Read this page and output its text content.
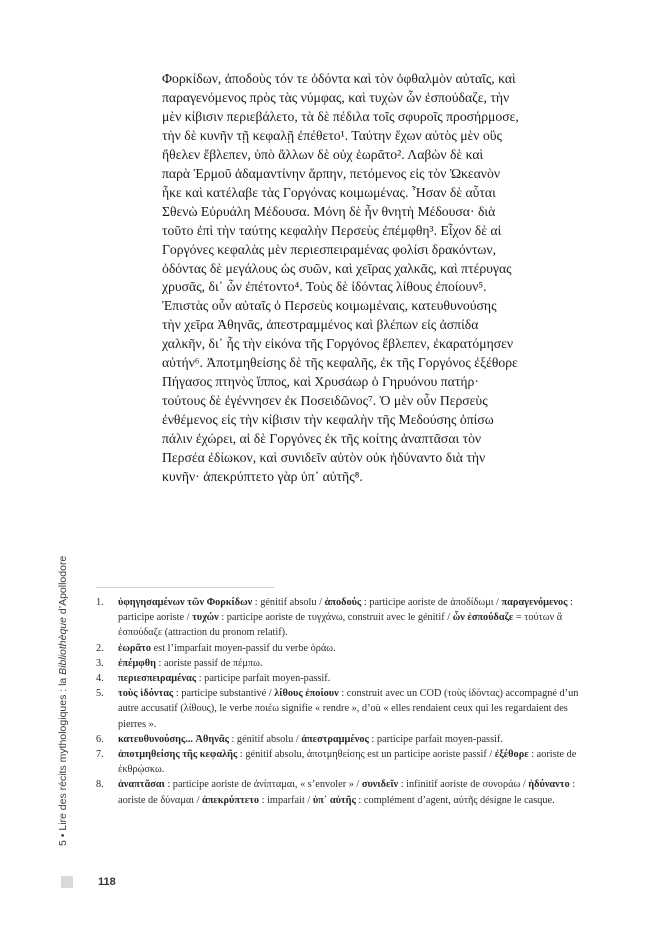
Φορκίδων, ἀποδοὺς τόν τε ὀδόντα καὶ τὸν ὀφθαλμὸν αὐταῖς, καὶ
παραγενόμενος πρὸς τὰς νύμφας, καὶ τυχὼν ὧν ἐσπούδαζε, τὴν
μὲν κίβισιν περιεβάλετο, τὰ δὲ πέδιλα τοῖς σφυροῖς προσήρμοσε,
τὴν δὲ κυνῆν τῇ κεφαλῇ ἐπέθετο¹. Ταύτην ἔχων αὐτὸς μὲν οὓς
ἤθελεν ἔβλεπεν, ὑπὸ ἄλλων δὲ οὐχ ἑωρᾶτο². Λαβὼν δὲ καὶ
παρὰ Ἑρμοῦ ἀδαμαντίνην ἅρπην, πετόμενος εἰς τὸν Ὠκεανὸν
ἧκε καὶ κατέλαβε τὰς Γοργόνας κοιμωμένας. Ἦσαν δὲ αὗται
Σθενὼ Εὐρυάλη Μέδουσα. Μόνη δὲ ἦν θνητὴ Μέδουσα· διὰ
τοῦτο ἐπὶ τὴν ταύτης κεφαλὴν Περσεὺς ἐπέμφθη³. Εἶχον δὲ αἱ
Γοργόνες κεφαλὰς μὲν περιεσπειραμένας φολίσι δρακόντων,
ὀδόντας δὲ μεγάλους ὡς συῶν, καὶ χεῖρας χαλκᾶς, καὶ πτέρυγας
χρυσᾶς, δι᾽ ὧν ἐπέτοντο⁴. Τοὺς δὲ ἰδόντας λίθους ἐποίουν⁵.
Ἐπιστὰς οὖν αὐταῖς ὁ Περσεὺς κοιμωμέναις, κατευθυνούσης
τὴν χεῖρα Ἀθηνᾶς, ἀπεστραμμένος καὶ βλέπων εἰς ἀσπίδα
χαλκῆν, δι᾽ ἧς τὴν εἰκόνα τῆς Γοργόνος ἔβλεπεν, ἐκαρατόμησεν
αὐτήν⁶. Ἀποτμηθείσης δὲ τῆς κεφαλῆς, ἐκ τῆς Γοργόνος ἐξέθορε
Πήγασος πτηνὸς ἵππος, καὶ Χρυσάωρ ὁ Γηρυόνου πατήρ·
τούτους δὲ ἐγέννησεν ἐκ Ποσειδῶνος⁷. Ὁ μὲν οὖν Περσεὺς
ἐνθέμενος εἰς τὴν κίβισιν τὴν κεφαλὴν τῆς Μεδούσης ὀπίσω
πάλιν ἐχώρει, αἱ δὲ Γοργόνες ἐκ τῆς κοίτης ἀναπτᾶσαι τὸν
Περσέα ἐδίωκον, καὶ συνιδεῖν αὐτὸν οὐκ ἠδύναντο διὰ τὴν
κυνῆν· ἀπεκρύπτετο γὰρ ὑπ᾽ αὐτῆς⁸.
5 • Lire des récits mythologiques : la Bibliothèque d’Apollodore	1.	ὑφηγησαμένων τῶν Φορκίδων : génitif absolu / ἀποδούς : participe aoriste de ἀποδίδωμι / παραγενόμενος : participe aoriste / τυχών : participe aoriste de τυγχάνω, construit avec le génitif / ὧν ἐσπούδαζε = τούτων ἃ ἐσπούδαζε (attraction du pronom relatif).
2.	ἑωρᾶτο est l’imparfait moyen-passif du verbe ὁράω.
3.	ἐπέμφθη : aoriste passif de πέμπω.
4.	περιεσπειραμένας : participe parfait moyen-passif.
5.	τοὺς ἰδόντας : participe substantivé / λίθους ἐποίουν : construit avec un COD (τοὺς ἰδόντας) accompagné d’un autre accusatif (λίθους), le verbe ποιέω signifie « rendre », d’où « elles rendaient ceux qui les regardaient des pierres ».
6.	κατευθυνούσης... Ἀθηνᾶς : génitif absolu / ἀπεστραμμένος : participe parfait moyen-passif.
7.	ἀποτμηθείσης τῆς κεφαλῆς : génitif absolu, ἀποτμηθείσης est un participe aoriste passif / ἐξέθορε : aoriste de ἐκθρῴσκω.
8.	ἀναπτᾶσαι : participe aoriste de ἀνίπταμαι, « s’envoler » / συνιδεῖν : infinitif aoriste de συνοράω / ἠδύναντο : aoriste de δύναμαι / ἀπεκρύπτετο : imparfait / ὑπ᾽ αὐτῆς : complément d’agent, αὐτῆς désigne le casque.
118
